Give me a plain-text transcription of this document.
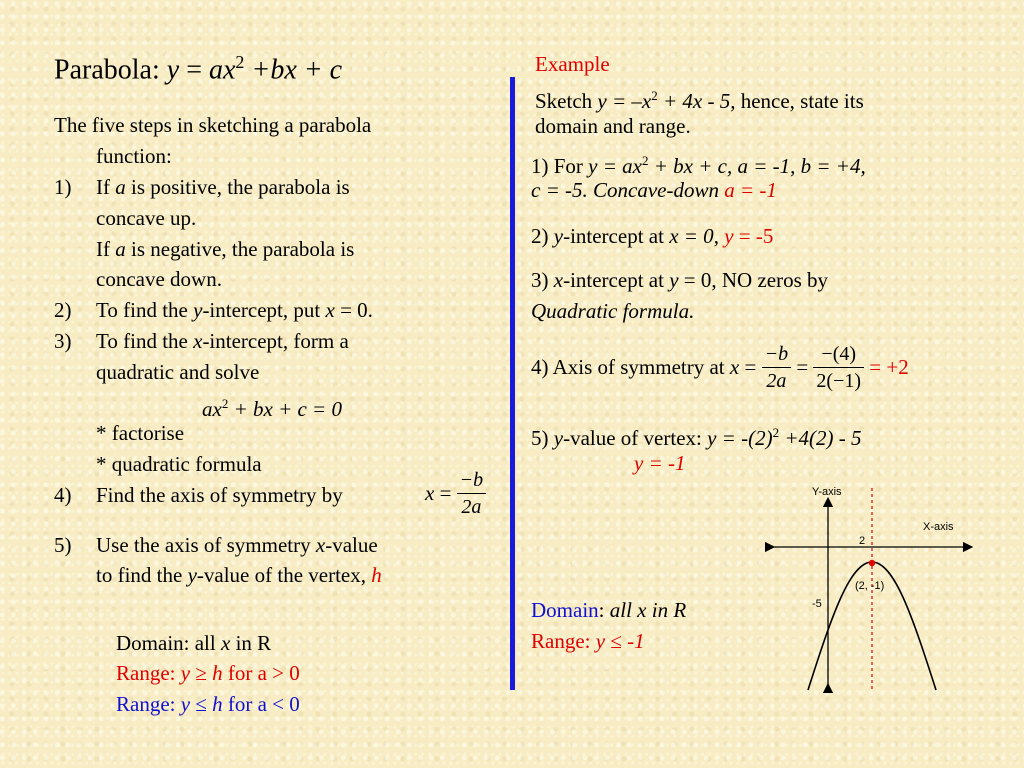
Parabola: $y = ax^2 +bx + c$
The five steps in sketching a parabola
function:
1) If a is positive, the parabola is
concave up.
If a is negative, the parabola is
concave down.
2) To find the y-intercept, put x = 0.
3) To find the x-intercept, form a
quadratic and solve
$ax^2$ + bx + c = 0
* factorise
* quadratic formula
4) Find the axis of symmetry by	$x = \frac{-b}{2a}$
5) Use the axis of symmetry x-value
to find the y-value of the vertex, h
Domain: all x in R
Range: y ≥ h for a > 0
Range: y ≤ h for a < 0
Example
Sketch $y = -x^2 + 4x - 5$, hence, state its
domain and range.
1) For $y = ax^2$ + bx + c, a = -1, b = +4,
c = -5. Concave-down a = -1
2) y-intercept at x = 0, y = -5
3) x-intercept at y = 0, NO zeros by
Quadratic formula.
4) Axis of symmetry at $x = \frac{-b}{2a} = \frac{-(4)}{2(-1)} = +2$
5) y-value of vertex: $y = -(2)^2 +4(2) - 5$
y = -1
Domain: all x in R
Range: y ≤ -1
Y-axis
X-axis
2
-5
(2, -1)
